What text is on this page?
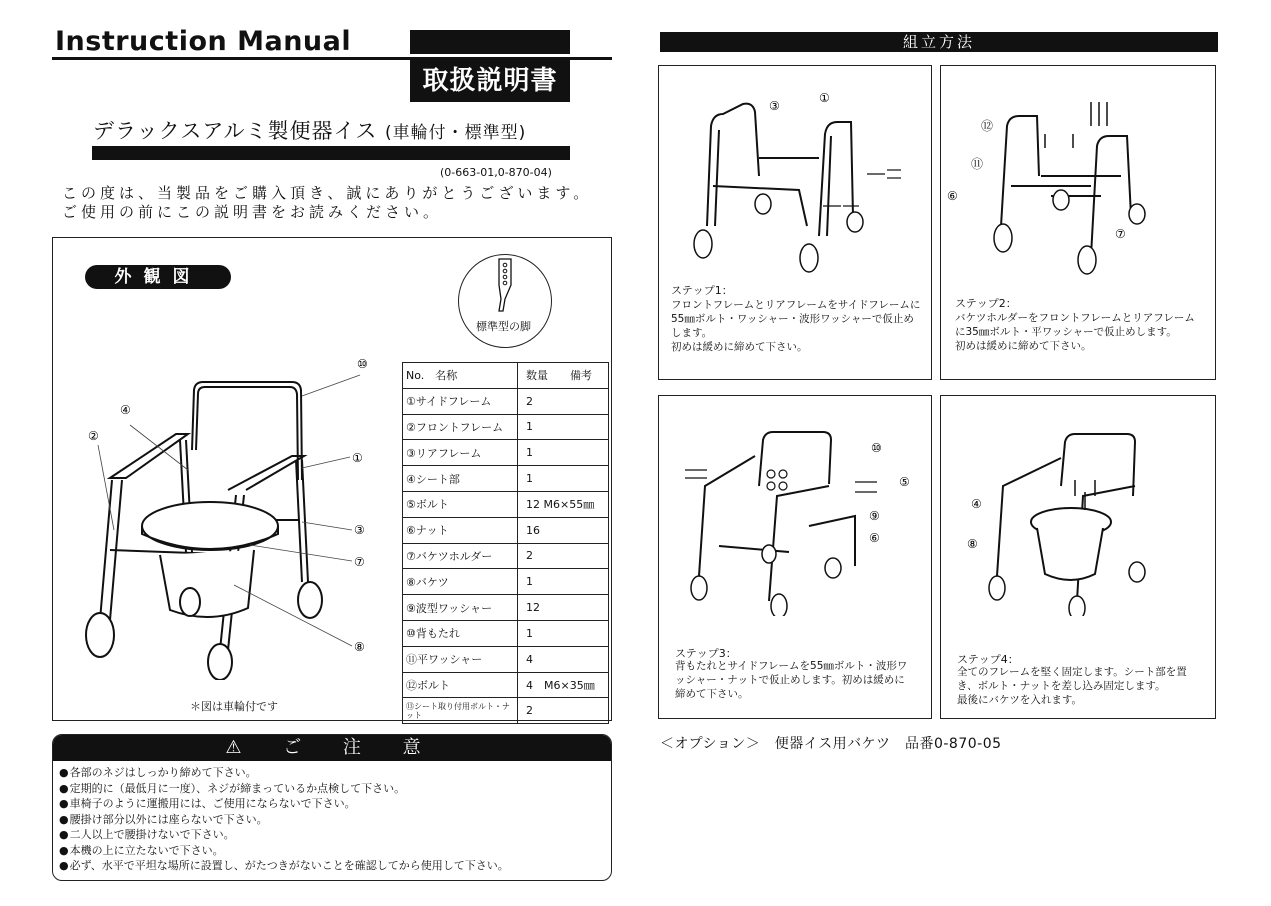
Instruction Manual
取扱説明書
デラックスアルミ製便器イス (車輪付・標準型)
(0-663-01,0-870-04)
この度は、当製品をご購入頂き、誠にありがとうございます。
ご使用の前にこの説明書をお読みください。
外観図
標準型の脚
⑩
①
③
⑦
⑧
④
②
＊図は車輪付です
No.　名称	数量　　備考
①サイドフレーム	2
②フロントフレーム	1
③リアフレーム	1
④シート部	1
⑤ボルト	12 M6×55㎜
⑥ナット	16
⑦バケツホルダー	2
⑧バケツ	1
⑨波型ワッシャー	12
⑩背もたれ	1
⑪平ワッシャー	4
⑫ボルト	4　M6×35㎜
⑬シート取り付用ボルト・ナット	2
⚠ ご 注 意
● 各部のネジはしっかり締めて下さい。
● 定期的に（最低月に一度）、ネジが締まっているか点検して下さい。
● 車椅子のように運搬用には、ご使用にならないで下さい。
● 腰掛け部分以外には座らないで下さい。
● 二人以上で腰掛けないで下さい。
● 本機の上に立たないで下さい。
● 必ず、水平で平坦な場所に設置し、がたつきがないことを確認してから使用して下さい。
組立方法
③
①
ステップ1：
フロントフレームとリアフレームをサイドフレームに
55㎜ボルト・ワッシャー・波形ワッシャーで仮止め
します。
初めは緩めに締めて下さい。
⑫
⑪
⑥
⑦
ステップ2：
バケツホルダーをフロントフレームとリアフレーム
に35㎜ボルト・平ワッシャーで仮止めします。
初めは緩めに締めて下さい。
⑩
⑤
⑨
⑥
ステップ3：
背もたれとサイドフレームを55㎜ボルト・波形ワ
ッシャー・ナットで仮止めします。初めは緩めに
締めて下さい。
④
⑧
ステップ4：
全てのフレームを堅く固定します。シート部を置
き、ボルト・ナットを差し込み固定します。
最後にバケツを入れます。
＜オプション＞　便器イス用バケツ　品番0-870-05
